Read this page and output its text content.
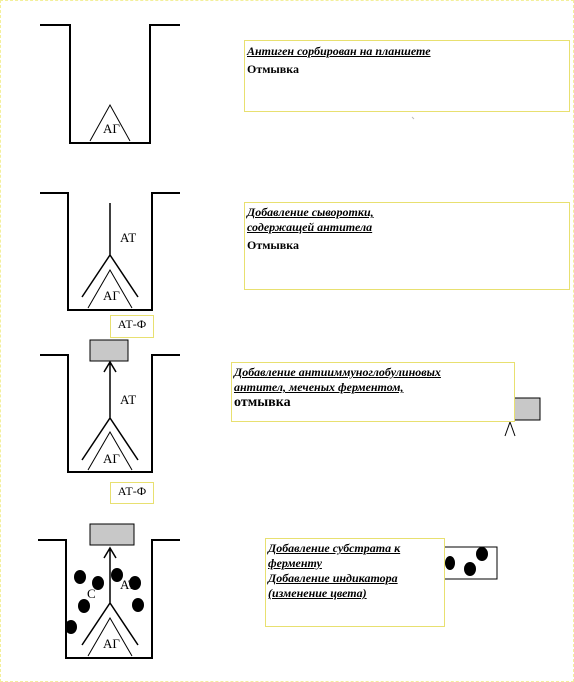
АГ
АГ
АТ
АГ
АТ
АГ
АТ
С
АТ-Ф
АТ-Ф
Антиген сорбирован на планшете
Отмывка
Добавление сыворотки,
содержащей антитела
Отмывка
Добавление антииммуноглобулиновых
антител, меченых ферментом,
отмывка
Добавление субстрата к
ферменту
Добавление индикатора
(изменение цвета)
